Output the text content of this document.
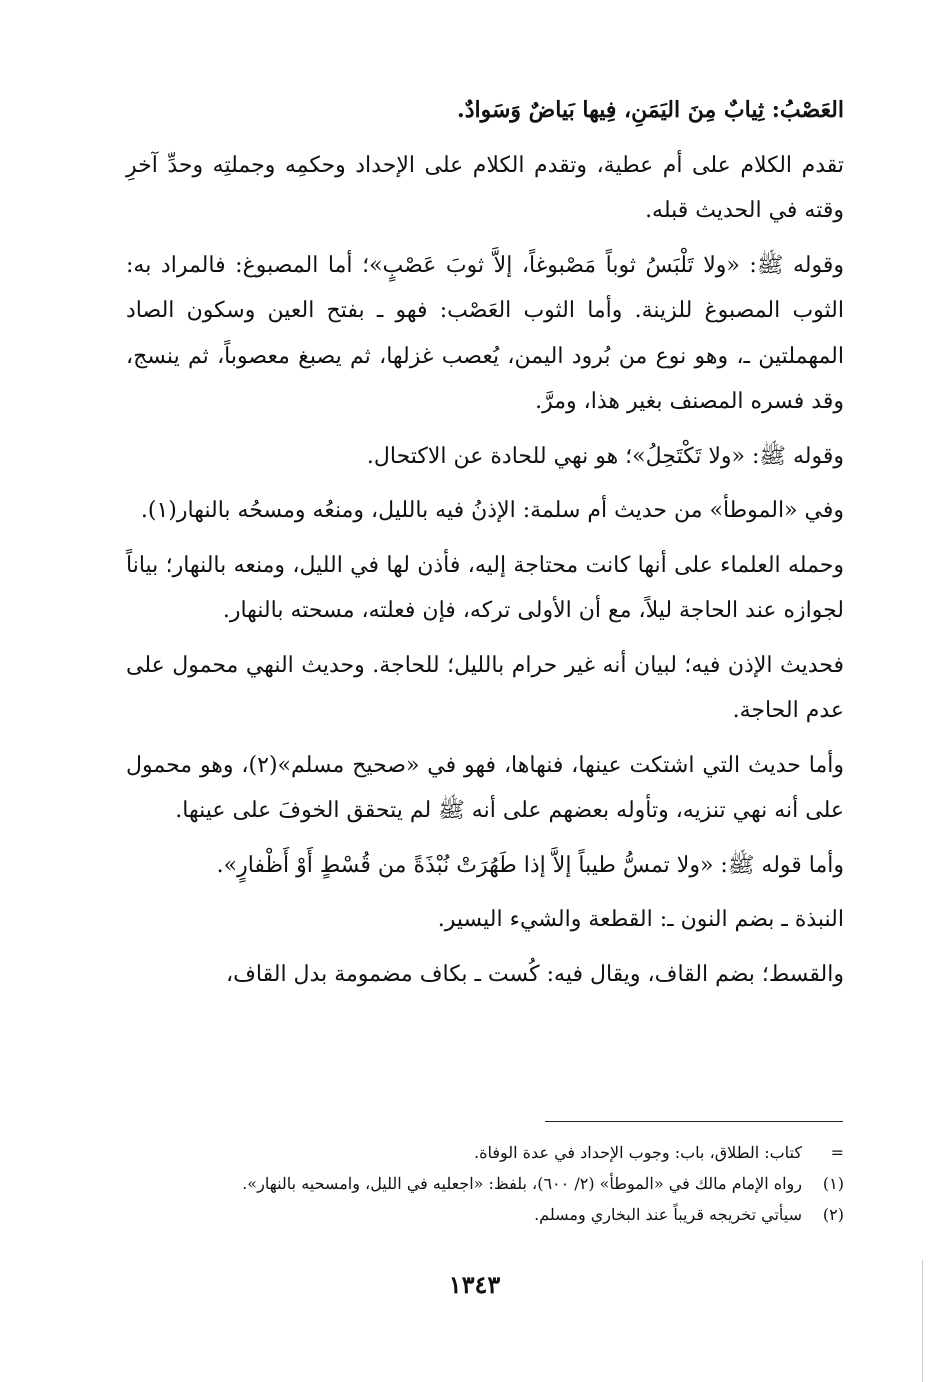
العَصْبُ: ثِيابٌ مِنَ اليَمَنِ، فِيها بَياضٌ وَسَوادٌ.

تقدم الكلام على أم عطية، وتقدم الكلام على الإحداد وحكمِه وجملتِه وحدِّ آخرِ وقته في الحديث قبله.

وقوله ﷺ: «ولا تَلْبَسُ ثوباً مَصْبوغاً، إلاَّ ثوبَ عَصْبٍ»؛ أما المصبوغ: فالمراد به: الثوب المصبوغ للزينة. وأما الثوب العَصْب: فهو ـ بفتح العين وسكون الصاد المهملتين ـ، وهو نوع من بُرود اليمن، يُعصب غزلها، ثم يصبغ معصوباً، ثم ينسج، وقد فسره المصنف بغير هذا، ومرَّ.

وقوله ﷺ: «ولا تَكْتَحِلُ»؛ هو نهي للحادة عن الاكتحال.

وفي «الموطأ» من حديث أم سلمة: الإذنُ فيه بالليل، ومنعُه ومسحُه بالنهار(١).

وحمله العلماء على أنها كانت محتاجة إليه، فأذن لها في الليل، ومنعه بالنهار؛ بياناً لجوازه عند الحاجة ليلاً، مع أن الأولى تركه، فإن فعلته، مسحته بالنهار.

فحديث الإذن فيه؛ لبيان أنه غير حرام بالليل؛ للحاجة. وحديث النهي محمول على عدم الحاجة.

وأما حديث التي اشتكت عينها، فنهاها، فهو في «صحيح مسلم»(٢)، وهو محمول على أنه نهي تنزيه، وتأوله بعضهم على أنه ﷺ لم يتحقق الخوفَ على عينها.

وأما قوله ﷺ: «ولا تمسُّ طيباً إلاَّ إذا طَهُرَتْ نُبْذَةً من قُسْطٍ أَوْ أَظْفارٍ».

النبذة ـ بضم النون ـ: القطعة والشيء اليسير.

والقسط؛ بضم القاف، ويقال فيه: كُست ـ بكاف مضمومة بدل القاف،

=
كتاب: الطلاق، باب: وجوب الإحداد في عدة الوفاة.
(١)
رواه الإمام مالك في «الموطأ» (٢/ ٦٠٠)، بلفظ: «اجعليه في الليل، وامسحيه بالنهار».
(٢)
سيأتي تخريجه قريباً عند البخاري ومسلم.
١٣٤٣
